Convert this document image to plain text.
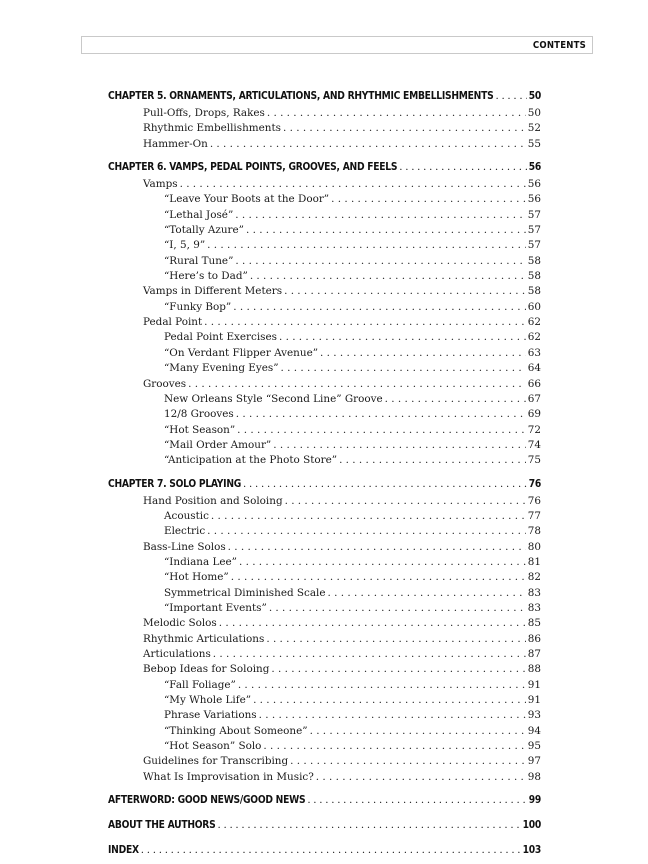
CONTENTS
CHAPTER 5. ORNAMENTS, ARTICULATIONS, AND RHYTHMIC EMBELLISHMENTS . . .	50
Pull-Offs, Drops, Rakes . . .	50
Rhythmic Embellishments . . .	52
Hammer-On . . .	55
CHAPTER 6. VAMPS, PEDAL POINTS, GROOVES, AND FEELS . . .	56
Vamps . . .	56
“Leave Your Boots at the Door” . . .	56
“Lethal José” . . .	57
“Totally Azure” . . .	57
“I, 5, 9” . . .	57
“Rural Tune” . . .	58
“Here’s to Dad” . . .	58
Vamps in Different Meters . . .	58
“Funky Bop” . . .	60
Pedal Point . . .	62
Pedal Point Exercises . . .	62
“On Verdant Flipper Avenue” . . .	63
“Many Evening Eyes” . . .	64
Grooves . . .	66
New Orleans Style “Second Line” Groove . . .	67
12/8 Grooves . . .	69
“Hot Season” . . .	72
“Mail Order Amour” . . .	74
“Anticipation at the Photo Store” . . .	75
CHAPTER 7. SOLO PLAYING . . .	76
Hand Position and Soloing . . .	76
Acoustic . . .	77
Electric . . .	78
Bass-Line Solos . . .	80
“Indiana Lee” . . .	81
“Hot Home” . . .	82
Symmetrical Diminished Scale . . .	83
“Important Events” . . .	83
Melodic Solos . . .	85
Rhythmic Articulations . . .	86
Articulations . . .	87
Bebop Ideas for Soloing . . .	88
“Fall Foliage” . . .	91
“My Whole Life” . . .	91
Phrase Variations . . .	93
“Thinking About Someone” . . .	94
“Hot Season” Solo . . .	95
Guidelines for Transcribing . . .	97
What Is Improvisation in Music? . . .	98
AFTERWORD: GOOD NEWS/GOOD NEWS . . .	99
ABOUT THE AUTHORS . . .	100
INDEX . . .	103
